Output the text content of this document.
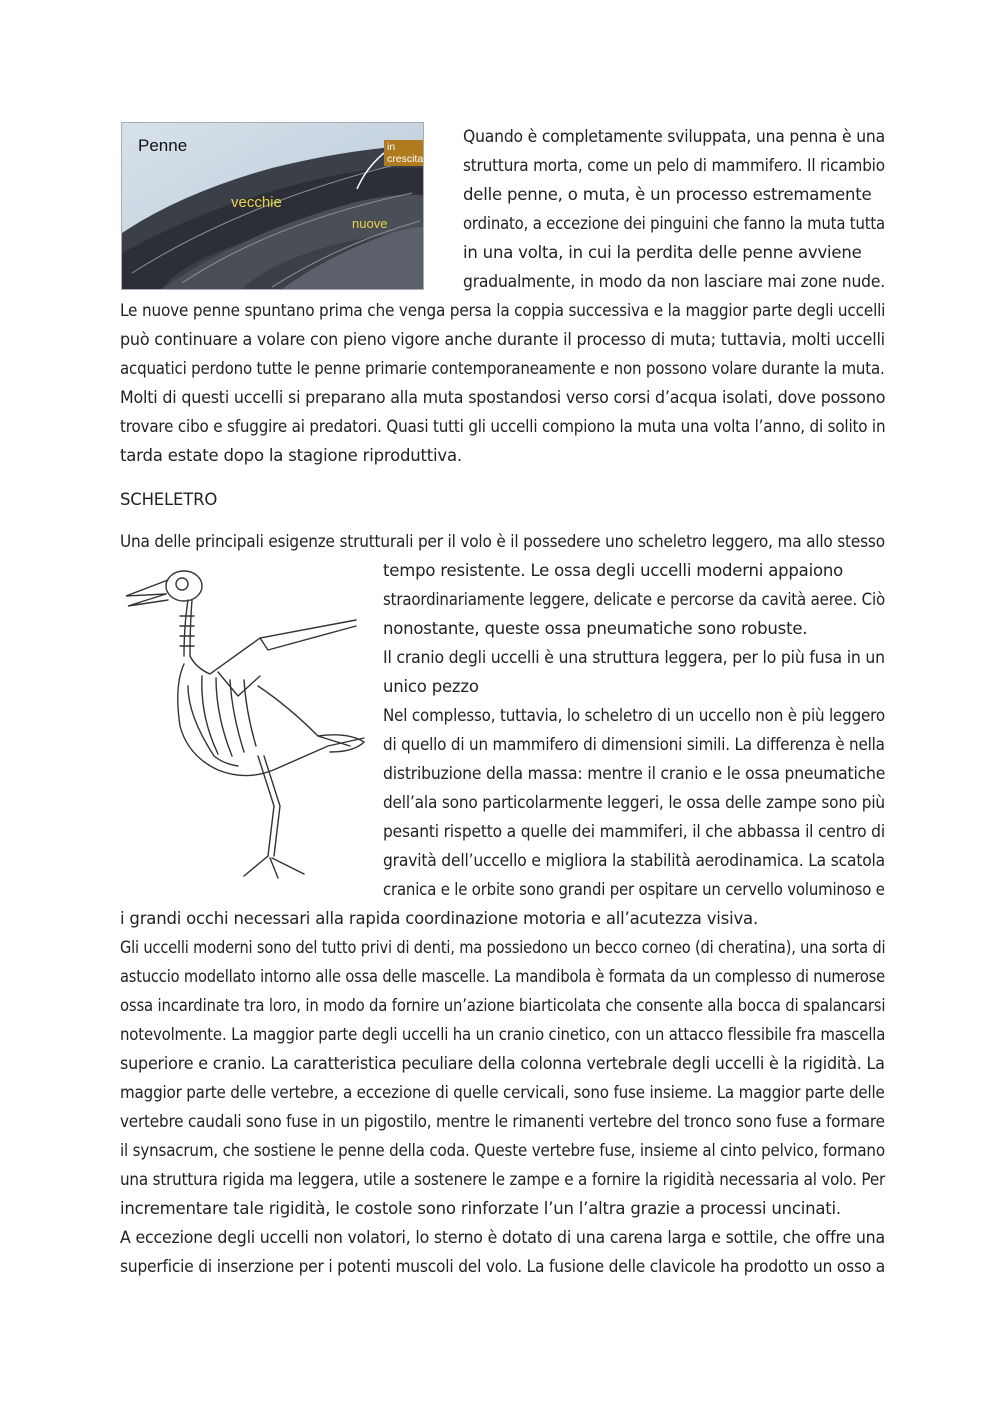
Penne	in crescita
vecchie
nuove
Quando è completamente sviluppata, una penna è una
struttura morta, come un pelo di mammifero. Il ricambio
delle penne, o muta, è un processo estremamente
ordinato, a eccezione dei pinguini che fanno la muta tutta
in una volta, in cui la perdita delle penne avviene
gradualmente, in modo da non lasciare mai zone nude.
Le nuove penne spuntano prima che venga persa la coppia successiva e la maggior parte degli uccelli
può continuare a volare con pieno vigore anche durante il processo di muta; tuttavia, molti uccelli
acquatici perdono tutte le penne primarie contemporaneamente e non possono volare durante la muta.
Molti di questi uccelli si preparano alla muta spostandosi verso corsi d’acqua isolati, dove possono
trovare cibo e sfuggire ai predatori. Quasi tutti gli uccelli compiono la muta una volta l’anno, di solito in
tarda estate dopo la stagione riproduttiva.
SCHELETRO
Una delle principali esigenze strutturali per il volo è il possedere uno scheletro leggero, ma allo stesso
tempo resistente. Le ossa degli uccelli moderni appaiono
straordinariamente leggere, delicate e percorse da cavità aeree. Ciò
nonostante, queste ossa pneumatiche sono robuste.
Il cranio degli uccelli è una struttura leggera, per lo più fusa in un
unico pezzo
Nel complesso, tuttavia, lo scheletro di un uccello non è più leggero
di quello di un mammifero di dimensioni simili. La differenza è nella
distribuzione della massa: mentre il cranio e le ossa pneumatiche
dell’ala sono particolarmente leggeri, le ossa delle zampe sono più
pesanti rispetto a quelle dei mammiferi, il che abbassa il centro di
gravità dell’uccello e migliora la stabilità aerodinamica. La scatola
cranica e le orbite sono grandi per ospitare un cervello voluminoso e
i grandi occhi necessari alla rapida coordinazione motoria e all’acutezza visiva.
Gli uccelli moderni sono del tutto privi di denti, ma possiedono un becco corneo (di cheratina), una sorta di
astuccio modellato intorno alle ossa delle mascelle. La mandibola è formata da un complesso di numerose
ossa incardinate tra loro, in modo da fornire un’azione biarticolata che consente alla bocca di spalancarsi
notevolmente. La maggior parte degli uccelli ha un cranio cinetico, con un attacco flessibile fra mascella
superiore e cranio. La caratteristica peculiare della colonna vertebrale degli uccelli è la rigidità. La
maggior parte delle vertebre, a eccezione di quelle cervicali, sono fuse insieme. La maggior parte delle
vertebre caudali sono fuse in un pigostilo, mentre le rimanenti vertebre del tronco sono fuse a formare
il synsacrum, che sostiene le penne della coda. Queste vertebre fuse, insieme al cinto pelvico, formano
una struttura rigida ma leggera, utile a sostenere le zampe e a fornire la rigidità necessaria al volo. Per
incrementare tale rigidità, le costole sono rinforzate l’un l’altra grazie a processi uncinati.
A eccezione degli uccelli non volatori, lo sterno è dotato di una carena larga e sottile, che offre una
superficie di inserzione per i potenti muscoli del volo. La fusione delle clavicole ha prodotto un osso a
